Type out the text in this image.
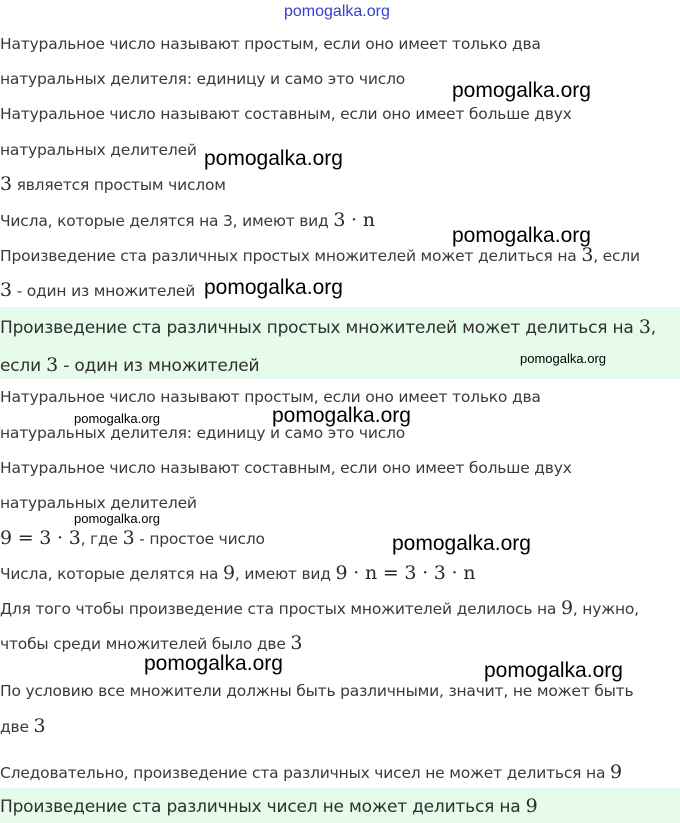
pomogalka.org
Натуральное число называют простым, если оно имеет только два
натуральных делителя: единицу и само это число
Натуральное число называют составным, если оно имеет больше двух
натуральных делителей
3 является простым числом
Числа, которые делятся на 3, имеют вид 3 · n
Произведение ста различных простых множителей может делиться на 3, если
3 - один из множителей
Произведение ста различных простых множителей может делиться на 3,
если 3 - один из множителей
Натуральное число называют простым, если оно имеет только два
натуральных делителя: единицу и само это число
Натуральное число называют составным, если оно имеет больше двух
натуральных делителей
9 = 3 · 3, где 3 - простое число
Числа, которые делятся на 9, имеют вид 9 · n = 3 · 3 · n
Для того чтобы произведение ста простых множителей делилось на 9, нужно,
чтобы среди множителей было две 3
По условию все множители должны быть различными, значит, не может быть
две 3
Следовательно, произведение ста различных чисел не может делиться на 9
Произведение ста различных чисел не может делиться на 9
pomogalka.org
pomogalka.org
pomogalka.org
pomogalka.org
pomogalka.org
pomogalka.org	pomogalka.org
pomogalka.org
pomogalka.org
pomogalka.org	pomogalka.org
